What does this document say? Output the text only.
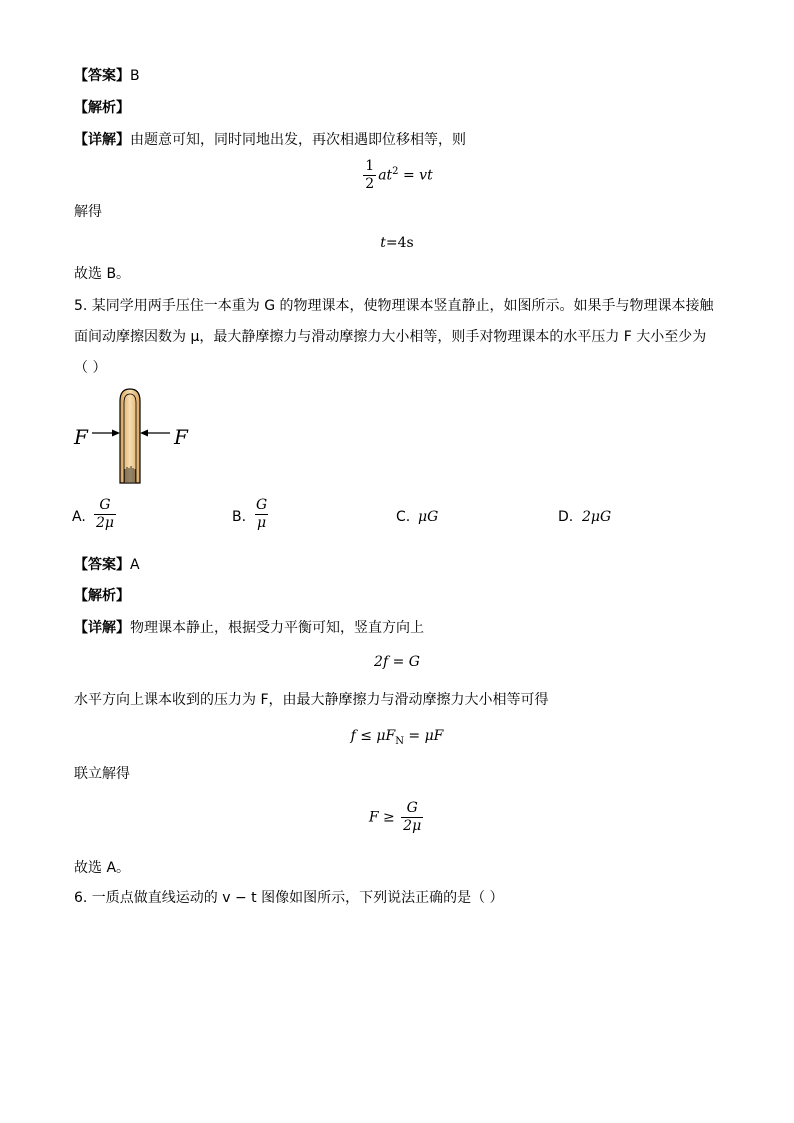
【答案】B
【解析】
【详解】由题意可知，同时同地出发，再次相遇即位移相等，则
$\frac{1}{2} at^2$ = vt
解得
t=4s
故选 B。
5. 某同学用两手压住一本重为 G 的物理课本，使物理课本竖直静止，如图所示。如果手与物理课本接触
面间动摩擦因数为 μ，最大静摩擦力与滑动摩擦力大小相等，则手对物理课本的水平压力 F 大小至少为
（ ）
F	F
A. $\frac{G}{2\mu}$	B. $\frac{G}{\mu}$	C. μG	D. 2μG
【答案】A
【解析】
【详解】物理课本静止，根据受力平衡可知，竖直方向上
2f = G
水平方向上课本收到的压力为 F，由最大静摩擦力与滑动摩擦力大小相等可得
$f \le \mu F_N = \mu F$
联立解得
$F \ge \frac{G}{2\mu}$
故选 A。
6. 一质点做直线运动的 v − t 图像如图所示，下列说法正确的是（ ）
